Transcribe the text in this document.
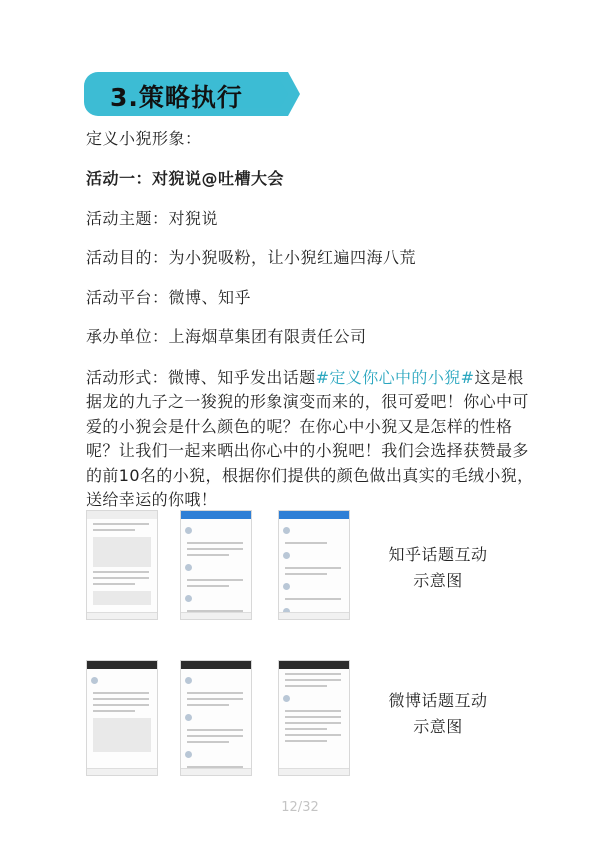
3.策略执行
定义小猊形象：
活动一：对猊说@吐槽大会
活动主题：对猊说
活动目的：为小猊吸粉，让小猊红遍四海八荒
活动平台：微博、知乎
承办单位：上海烟草集团有限责任公司
活动形式：微博、知乎发出话题#定义你心中的小猊#这是根据龙的九子之一狻猊的形象演变而来的，很可爱吧！你心中可爱的小猊会是什么颜色的呢？在你心中小猊又是怎样的性格呢？让我们一起来晒出你心中的小猊吧！我们会选择获赞最多的前10名的小猊，根据你们提供的颜色做出真实的毛绒小猊，送给幸运的你哦！
知乎话题互动
示意图
微博话题互动
示意图
12/32
